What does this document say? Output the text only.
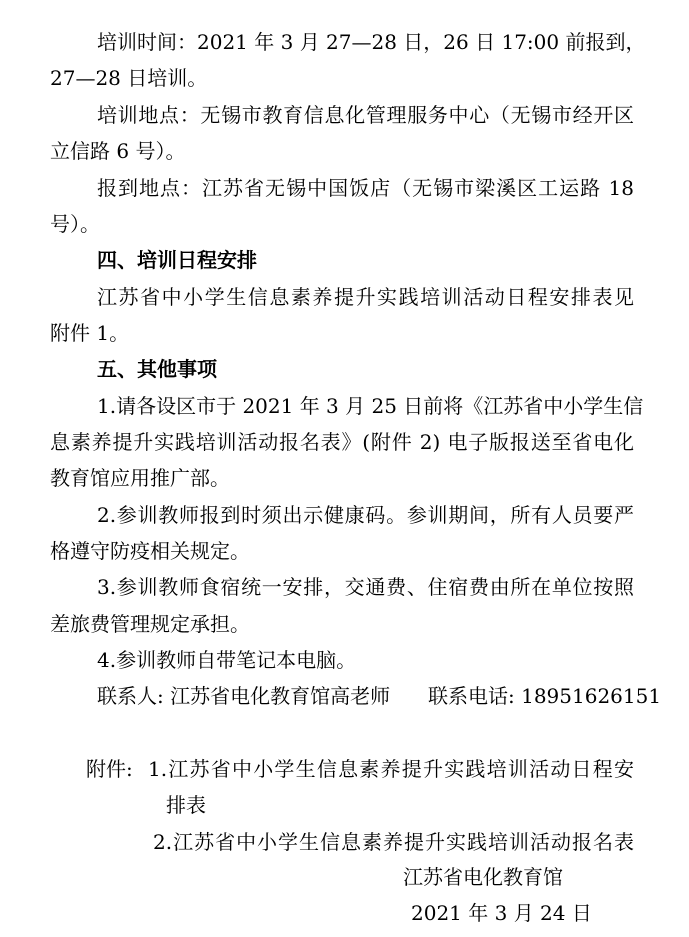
培训时间：2021 年 3 月 27—28 日，26 日 17:00 前报到，
27—28 日培训。
培训地点：无锡市教育信息化管理服务中心（无锡市经开区
立信路 6 号）。
报到地点：江苏省无锡中国饭店（无锡市梁溪区工运路 18
号）。
四、培训日程安排
江苏省中小学生信息素养提升实践培训活动日程安排表见
附件 1。
五、其他事项
1.请各设区市于 2021 年 3 月 25 日前将《江苏省中小学生信
息素养提升实践培训活动报名表》(附件 2) 电子版报送至省电化
教育馆应用推广部。
2.参训教师报到时须出示健康码。参训期间，所有人员要严
格遵守防疫相关规定。
3.参训教师食宿统一安排，交通费、住宿费由所在单位按照
差旅费管理规定承担。
4.参训教师自带笔记本电脑。
联系人: 江苏省电化教育馆高老师 联系电话: 18951626151
附件: 1.江苏省中小学生信息素养提升实践培训活动日程安
排表
2.江苏省中小学生信息素养提升实践培训活动报名表
江苏省电化教育馆
2021 年 3 月 24 日
